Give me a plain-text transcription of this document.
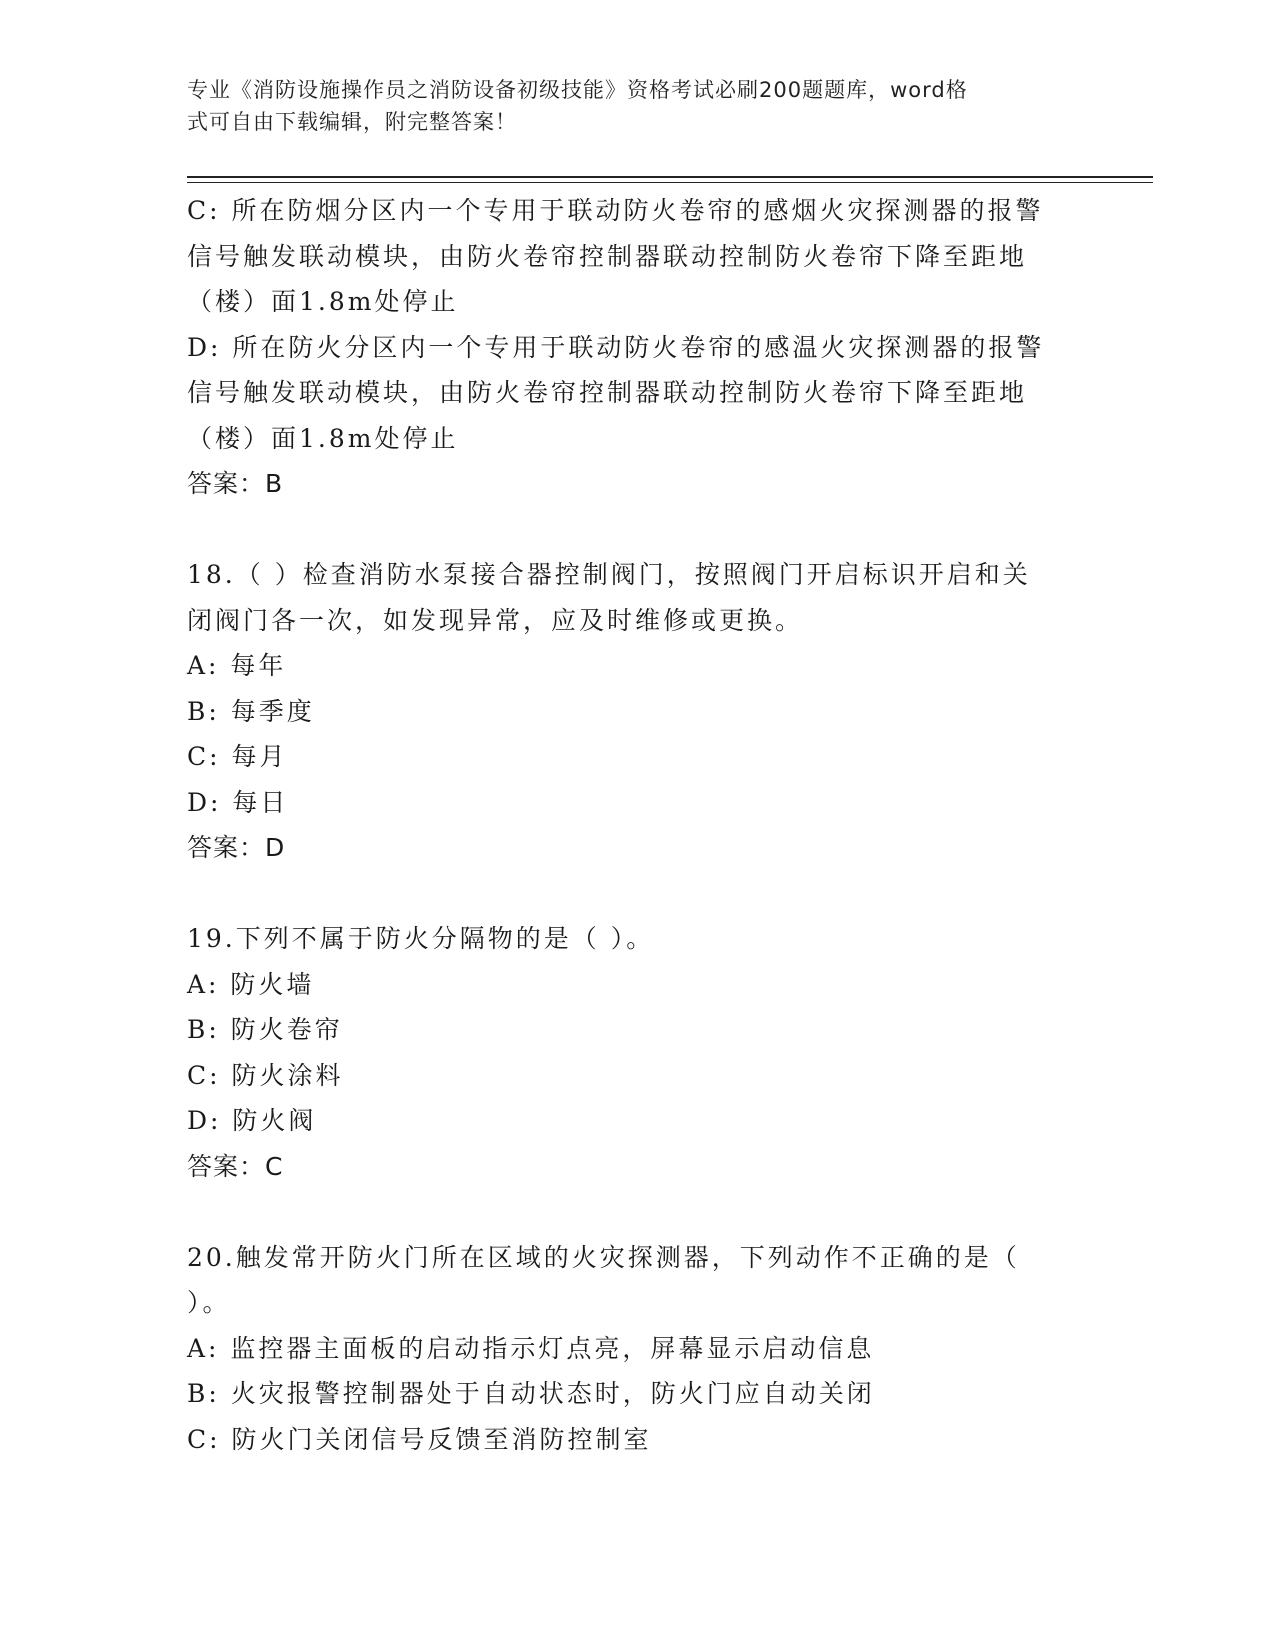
专业《消防设施操作员之消防设备初级技能》资格考试必刷200题题库，word格
式可自由下载编辑，附完整答案！
C: 所在防烟分区内一个专用于联动防火卷帘的感烟火灾探测器的报警
信号触发联动模块，由防火卷帘控制器联动控制防火卷帘下降至距地
（楼）面1.8m处停止
D: 所在防火分区内一个专用于联动防火卷帘的感温火灾探测器的报警
信号触发联动模块，由防火卷帘控制器联动控制防火卷帘下降至距地
（楼）面1.8m处停止
答案：B
18.（ ）检查消防水泵接合器控制阀门，按照阀门开启标识开启和关
闭阀门各一次，如发现异常，应及时维修或更换。
A: 每年
B: 每季度
C: 每月
D: 每日
答案：D
19.下列不属于防火分隔物的是（ ）。
A: 防火墙
B: 防火卷帘
C: 防火涂料
D: 防火阀
答案：C
20.触发常开防火门所在区域的火灾探测器，下列动作不正确的是（
）。
A: 监控器主面板的启动指示灯点亮，屏幕显示启动信息
B: 火灾报警控制器处于自动状态时，防火门应自动关闭
C: 防火门关闭信号反馈至消防控制室
